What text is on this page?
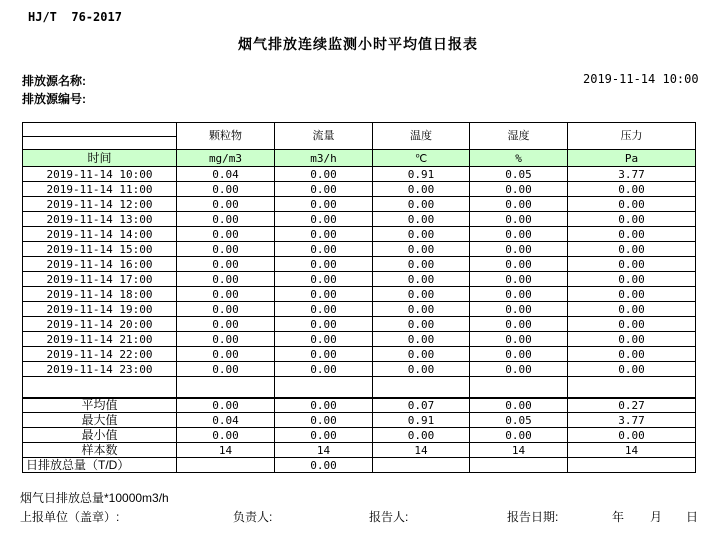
HJ/T  76-2017
烟气排放连续监测小时平均值日报表
排放源名称:
排放源编号:
2019-11-14 10:00
	颗粒物	流量	温度	湿度	压力

时间	mg/m3	m3/h	℃	%	Pa
2019-11-14 10:00	0.04	0.00	0.91	0.05	3.77
2019-11-14 11:00	0.00	0.00	0.00	0.00	0.00
2019-11-14 12:00	0.00	0.00	0.00	0.00	0.00
2019-11-14 13:00	0.00	0.00	0.00	0.00	0.00
2019-11-14 14:00	0.00	0.00	0.00	0.00	0.00
2019-11-14 15:00	0.00	0.00	0.00	0.00	0.00
2019-11-14 16:00	0.00	0.00	0.00	0.00	0.00
2019-11-14 17:00	0.00	0.00	0.00	0.00	0.00
2019-11-14 18:00	0.00	0.00	0.00	0.00	0.00
2019-11-14 19:00	0.00	0.00	0.00	0.00	0.00
2019-11-14 20:00	0.00	0.00	0.00	0.00	0.00
2019-11-14 21:00	0.00	0.00	0.00	0.00	0.00
2019-11-14 22:00	0.00	0.00	0.00	0.00	0.00
2019-11-14 23:00	0.00	0.00	0.00	0.00	0.00

平均值	0.00	0.00	0.07	0.00	0.27
最大值	0.04	0.00	0.91	0.05	3.77
最小值	0.00	0.00	0.00	0.00	0.00
样本数	14	14	14	14	14
日排放总量（T/D）		0.00			
烟气日排放总量*10000m3/h
上报单位（盖章）:	负责人:	报告人:	报告日期:	年 月 日
